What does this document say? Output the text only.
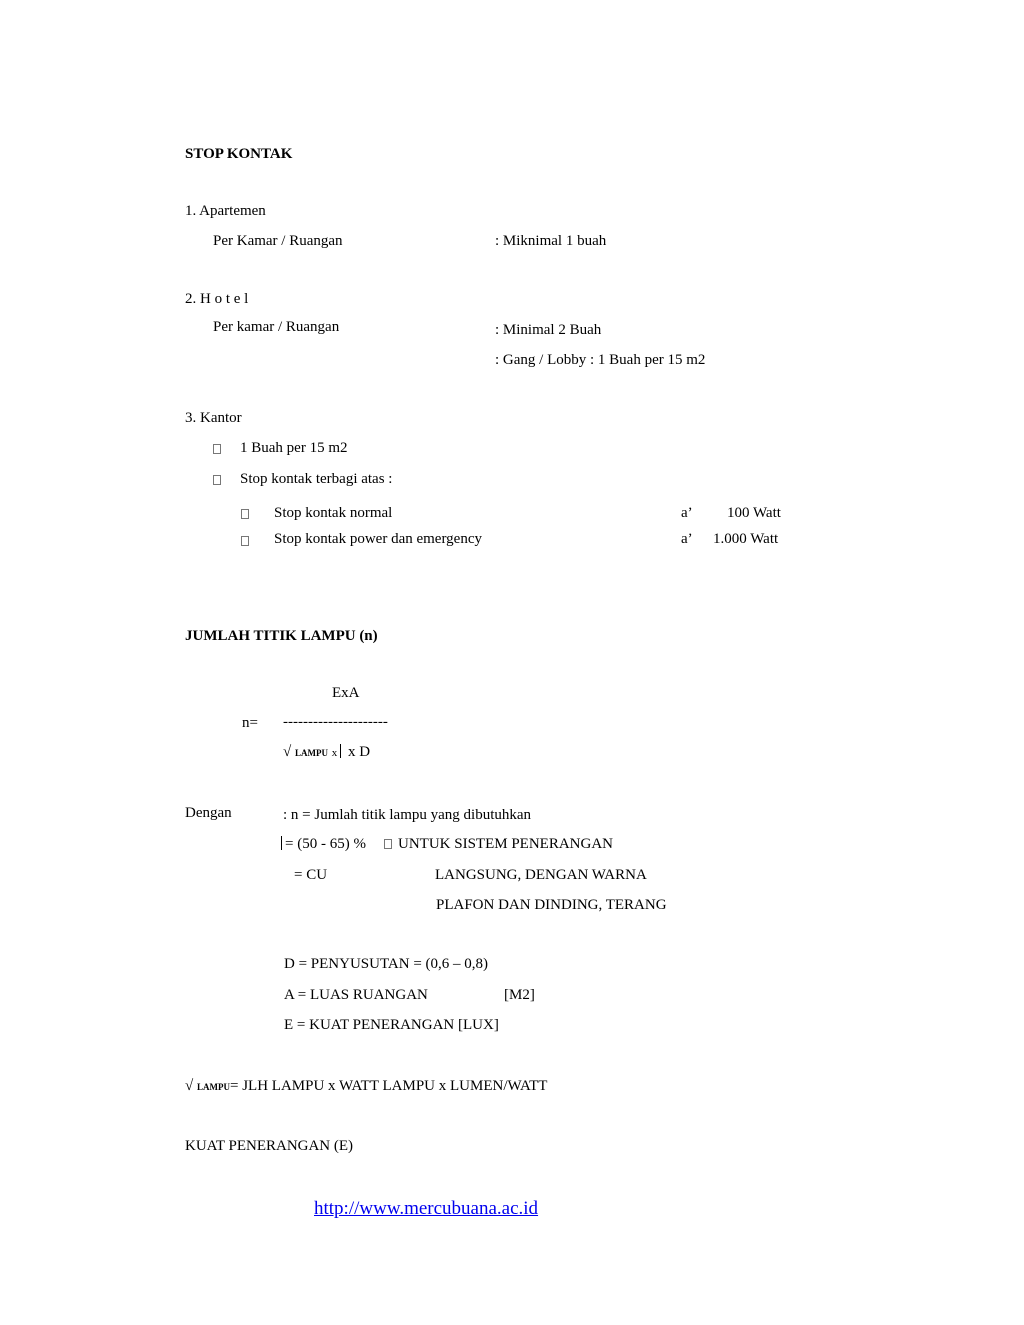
STOP KONTAK
1. Apartemen
Per Kamar / Ruangan	: Miknimal 1 buah
2. H o t e l
Per kamar / Ruangan	: Minimal 2 Buah
: Gang / Lobby : 1 Buah per 15 m2
3. Kantor
1 Buah per 15 m2
Stop kontak terbagi atas :
Stop kontak normal	a’ 100 Watt
Stop kontak power dan emergency	a’ 1.000 Watt
JUMLAH TITIK LAMPU (n)
ExA
n= ---------------------
√ LAMPU x x D
Dengan	: n = Jumlah titik lampu yang dibutuhkan
= (50 - 65) % UNTUK SISTEM PENERANGAN
= CU	LANGSUNG, DENGAN WARNA
PLAFON DAN DINDING, TERANG
D = PENYUSUTAN = (0,6 – 0,8)
A = LUAS RUANGAN	[M2]
E = KUAT PENERANGAN [LUX]
√ LAMPU= JLH LAMPU x WATT LAMPU x LUMEN/WATT
KUAT PENERANGAN (E)
http://www.mercubuana.ac.id
